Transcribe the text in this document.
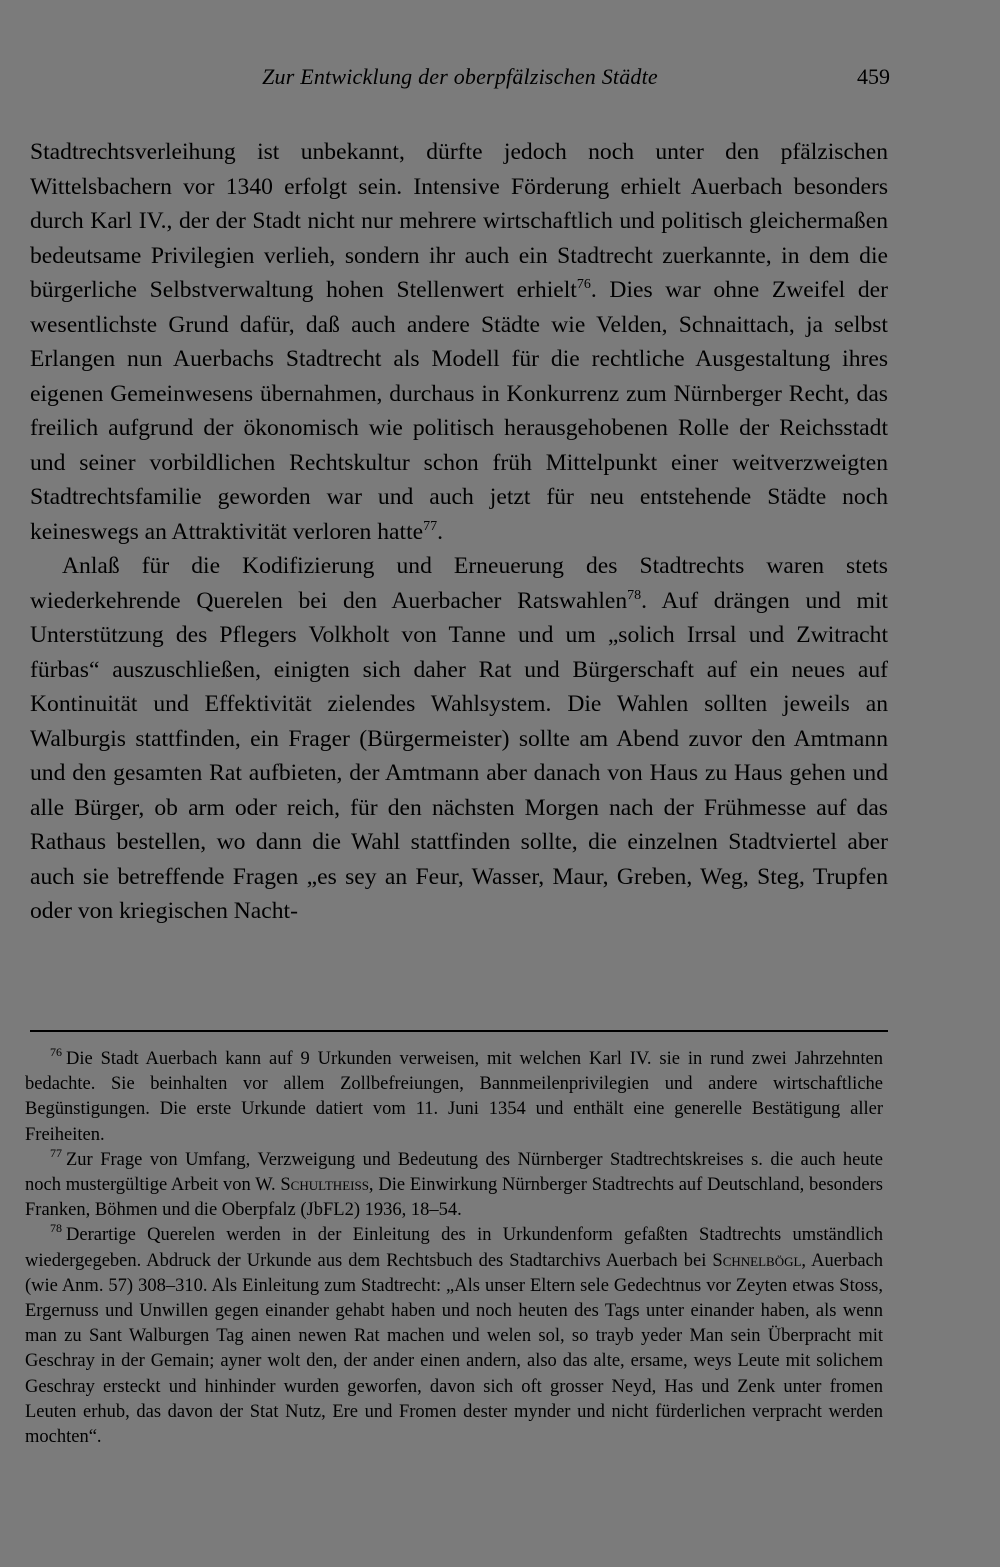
Zur Entwicklung der oberpfälzischen Städte	459

Stadtrechtsverleihung ist unbekannt, dürfte jedoch noch unter den pfälzischen Wittelsbachern vor 1340 erfolgt sein. Intensive Förderung erhielt Auerbach besonders durch Karl IV., der der Stadt nicht nur mehrere wirtschaftlich und politisch gleichermaßen bedeutsame Privilegien verlieh, sondern ihr auch ein Stadtrecht zuerkannte, in dem die bürgerliche Selbstverwaltung hohen Stellenwert erhielt$^{76}$. Dies war ohne Zweifel der wesentlichste Grund dafür, daß auch andere Städte wie Velden, Schnaittach, ja selbst Erlangen nun Auerbachs Stadtrecht als Modell für die rechtliche Ausgestaltung ihres eigenen Gemeinwesens übernahmen, durchaus in Konkurrenz zum Nürnberger Recht, das freilich aufgrund der ökonomisch wie politisch herausgehobenen Rolle der Reichsstadt und seiner vorbildlichen Rechtskultur schon früh Mittelpunkt einer weitverzweigten Stadtrechtsfamilie geworden war und auch jetzt für neu entstehende Städte noch keineswegs an Attraktivität verloren hatte$^{77}$.

Anlaß für die Kodifizierung und Erneuerung des Stadtrechts waren stets wiederkehrende Querelen bei den Auerbacher Ratswahlen$^{78}$. Auf drängen und mit Unterstützung des Pflegers Volkholt von Tanne und um „solich Irrsal und Zwitracht fürbas“ auszuschließen, einigten sich daher Rat und Bürgerschaft auf ein neues auf Kontinuität und Effektivität zielendes Wahlsystem. Die Wahlen sollten jeweils an Walburgis stattfinden, ein Frager (Bürgermeister) sollte am Abend zuvor den Amtmann und den gesamten Rat aufbieten, der Amtmann aber danach von Haus zu Haus gehen und alle Bürger, ob arm oder reich, für den nächsten Morgen nach der Frühmesse auf das Rathaus bestellen, wo dann die Wahl stattfinden sollte, die einzelnen Stadtviertel aber auch sie betreffende Fragen „es sey an Feur, Wasser, Maur, Greben, Weg, Steg, Trupfen oder von kriegischen Nacht-

$^{76}$ Die Stadt Auerbach kann auf 9 Urkunden verweisen, mit welchen Karl IV. sie in rund zwei Jahrzehnten bedachte. Sie beinhalten vor allem Zollbefreiungen, Bannmeilenprivilegien und andere wirtschaftliche Begünstigungen. Die erste Urkunde datiert vom 11. Juni 1354 und enthält eine generelle Bestätigung aller Freiheiten.

$^{77}$ Zur Frage von Umfang, Verzweigung und Bedeutung des Nürnberger Stadtrechtskreises s. die auch heute noch mustergültige Arbeit von W. Schultheiss, Die Einwirkung Nürnberger Stadtrechts auf Deutschland, besonders Franken, Böhmen und die Oberpfalz (JbFL2) 1936, 18–54.

$^{78}$ Derartige Querelen werden in der Einleitung des in Urkundenform gefaßten Stadtrechts umständlich wiedergegeben. Abdruck der Urkunde aus dem Rechtsbuch des Stadtarchivs Auerbach bei Schnelbögl, Auerbach (wie Anm. 57) 308–310. Als Einleitung zum Stadtrecht: „Als unser Eltern sele Gedechtnus vor Zeyten etwas Stoss, Ergernuss und Unwillen gegen einander gehabt haben und noch heuten des Tags unter einander haben, als wenn man zu Sant Walburgen Tag ainen newen Rat machen und welen sol, so trayb yeder Man sein Überpracht mit Geschray in der Gemain; ayner wolt den, der ander einen andern, also das alte, ersame, weys Leute mit solichem Geschray ersteckt und hinhinder wurden geworfen, davon sich oft grosser Neyd, Has und Zenk unter fromen Leuten erhub, das davon der Stat Nutz, Ere und Fromen dester mynder und nicht fürderlichen verpracht werden mochten“.
